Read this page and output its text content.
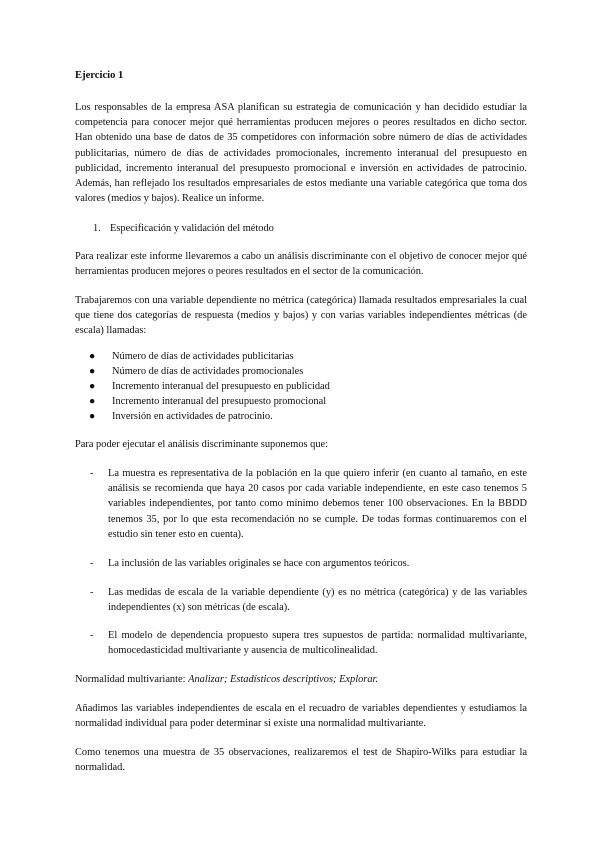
Ejercicio 1

Los responsables de la empresa ASA planifican su estrategia de comunicación y han decidido estudiar la competencia para conocer mejor qué herramientas producen mejores o peores resultados en dicho sector. Han obtenido una base de datos de 35 competidores con información sobre número de días de actividades publicitarias, número de días de actividades promocionales, incremento interanual del presupuesto en publicidad, incremento interanual del presupuesto promocional e inversión en actividades de patrocinio. Además, han reflejado los resultados empresariales de estos mediante una variable categórica que toma dos valores (medios y bajos). Realice un informe.

1. Especificación y validación del método

Para realizar este informe llevaremos a cabo un análisis discriminante con el objetivo de conocer mejor qué herramientas producen mejores o peores resultados en el sector de la comunicación.

Trabajaremos con una variable dependiente no métrica (categórica) llamada resultados empresariales la cual que tiene dos categorías de respuesta (medios y bajos) y con varias variables independientes métricas (de escala) llamadas:

● Número de días de actividades publicitarias
● Número de días de actividades promocionales
● Incremento interanual del presupuesto en publicidad
● Incremento interanual del presupuesto promocional
● Inversión en actividades de patrocinio.

Para poder ejecutar el análisis discriminante suponemos que:

- La muestra es representativa de la población en la que quiero inferir (en cuanto al tamaño, en este análisis se recomienda que haya 20 casos por cada variable independiente, en este caso tenemos 5 variables independientes, por tanto como mínimo debemos tener 100 observaciones. En la BBDD tenemos 35, por lo que esta recomendación no se cumple. De todas formas continuaremos con el estudio sin tener esto en cuenta).
- La inclusión de las variables originales se hace con argumentos teóricos.
- Las medidas de escala de la variable dependiente (y) es no métrica (categórica) y de las variables independientes (x) son métricas (de escala).
- El modelo de dependencia propuesto supera tres supuestos de partida: normalidad multivariante, homocedasticidad multivariante y ausencia de multicolinealidad.

Normalidad multivariante: Analizar; Estadísticos descriptivos; Explorar.

Añadimos las variables independientes de escala en el recuadro de variables dependientes y estudiamos la normalidad individual para poder determinar si existe una normalidad multivariante.

Como tenemos una muestra de 35 observaciones, realizaremos el test de Shapiro-Wilks para estudiar la normalidad.
